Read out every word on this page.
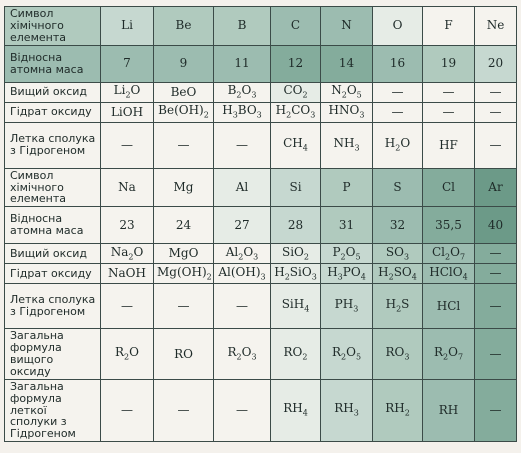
Символ хімічного елемента	Li	Be	B	C	N	O	F	Ne
Відносна атомна маса	7	9	11	12	14	16	19	20
Вищий оксид	$Li_2O$	BeO	$B_2O_3$	$CO_2$	$N_2O_5$	—	—	—
Гідрат оксиду	LiOH	$Be(OH)_2$	$H_3BO_3$	$H_2CO_3$	$HNO_3$	—	—	—
Летка сполука з Гідрогеном	—	—	—	$CH_4$	$NH_3$	$H_2O$	HF	—
Символ хімічного елемента	Na	Mg	Al	Si	P	S	Cl	Ar
Відносна атомна маса	23	24	27	28	31	32	35,5	40
Вищий оксид	$Na_2O$	MgO	$Al_2O_3$	SiO$_2$	$P_2O_5$	$SO_3$	$Cl_2O_7$	—
Гідрат оксиду	NaOH	$Mg(OH)_2$	$Al(OH)_3$	$H_2SiO_3$	$H_3PO_4$	$H_2SO_4$	HClO$_4$	—
Летка сполука з Гідрогеном	—	—	—	SiH$_4$	$PH_3$	$H_2S$	HCl	—
Загальна формула вищого оксиду	$R_2O$	RO	$R_2O_3$	$RO_2$	$R_2O_5$	$RO_3$	$R_2O_7$	—
Загальна формула леткої сполуки з Гідрогеном	—	—	—	$RH_4$	$RH_3$	$RH_2$	RH	—
